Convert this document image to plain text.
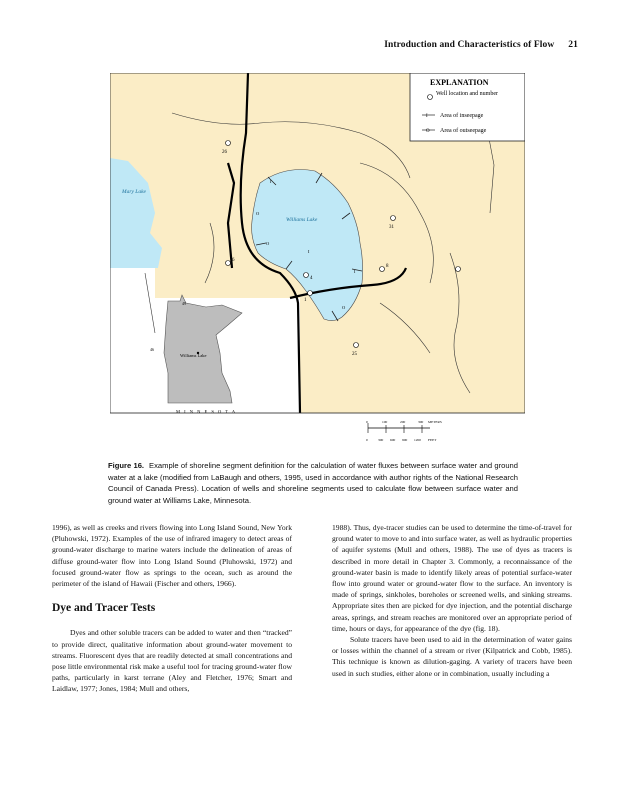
Introduction and Characteristics of Flow 21
EXPLANATION
Well location and number
I Area of inseepage
O Area of outseepage
Mary Lake
Williams Lake
26
31
6
8
4
1
25
I
O
O
I
I
O
Williams Lake
49
46
M I N N E S O T A
0	100	200	300 METERS
0	300 600 900 1200 FEET
Figure 16. Example of shoreline segment definition for the calculation of water fluxes between surface water and ground water at a lake (modified from LaBaugh and others, 1995, used in accordance with author rights of the National Research Council of Canada Press). Location of wells and shoreline segments used to calculate flow between surface water and ground water at Williams Lake, Minnesota.

1996), as well as creeks and rivers flowing into Long Island Sound, New York (Pluhowski, 1972). Examples of the use of infrared imagery to detect areas of ground-water discharge to marine waters include the delineation of areas of diffuse ground-water flow into Long Island Sound (Pluhowski, 1972) and focused ground-water flow as springs to the ocean, such as around the perimeter of the island of Hawaii (Fischer and others, 1966).

Dye and Tracer Tests

Dyes and other soluble tracers can be added to water and then “tracked” to provide direct, qualitative information about ground-water movement to streams. Fluorescent dyes that are readily detected at small concentrations and pose little environmental risk make a useful tool for tracing ground-water flow paths, particularly in karst terrane (Aley and Fletcher, 1976; Smart and Laidlaw, 1977; Jones, 1984; Mull and others,

1988). Thus, dye-tracer studies can be used to determine the time-of-travel for ground water to move to and into surface water, as well as hydraulic properties of aquifer systems (Mull and others, 1988). The use of dyes as tracers is described in more detail in Chapter 3. Commonly, a reconnaissance of the ground-water basin is made to identify likely areas of potential surface-water flow into ground water or ground-water flow to the surface. An inventory is made of springs, sinkholes, boreholes or screened wells, and sinking streams. Appropriate sites then are picked for dye injection, and the potential discharge areas, springs, and stream reaches are monitored over an appropriate period of time, hours or days, for appearance of the dye (fig. 18).

Solute tracers have been used to aid in the determination of water gains or losses within the channel of a stream or river (Kilpatrick and Cobb, 1985). This technique is known as dilution-gaging. A variety of tracers have been used in such studies, either alone or in combination, usually including a
